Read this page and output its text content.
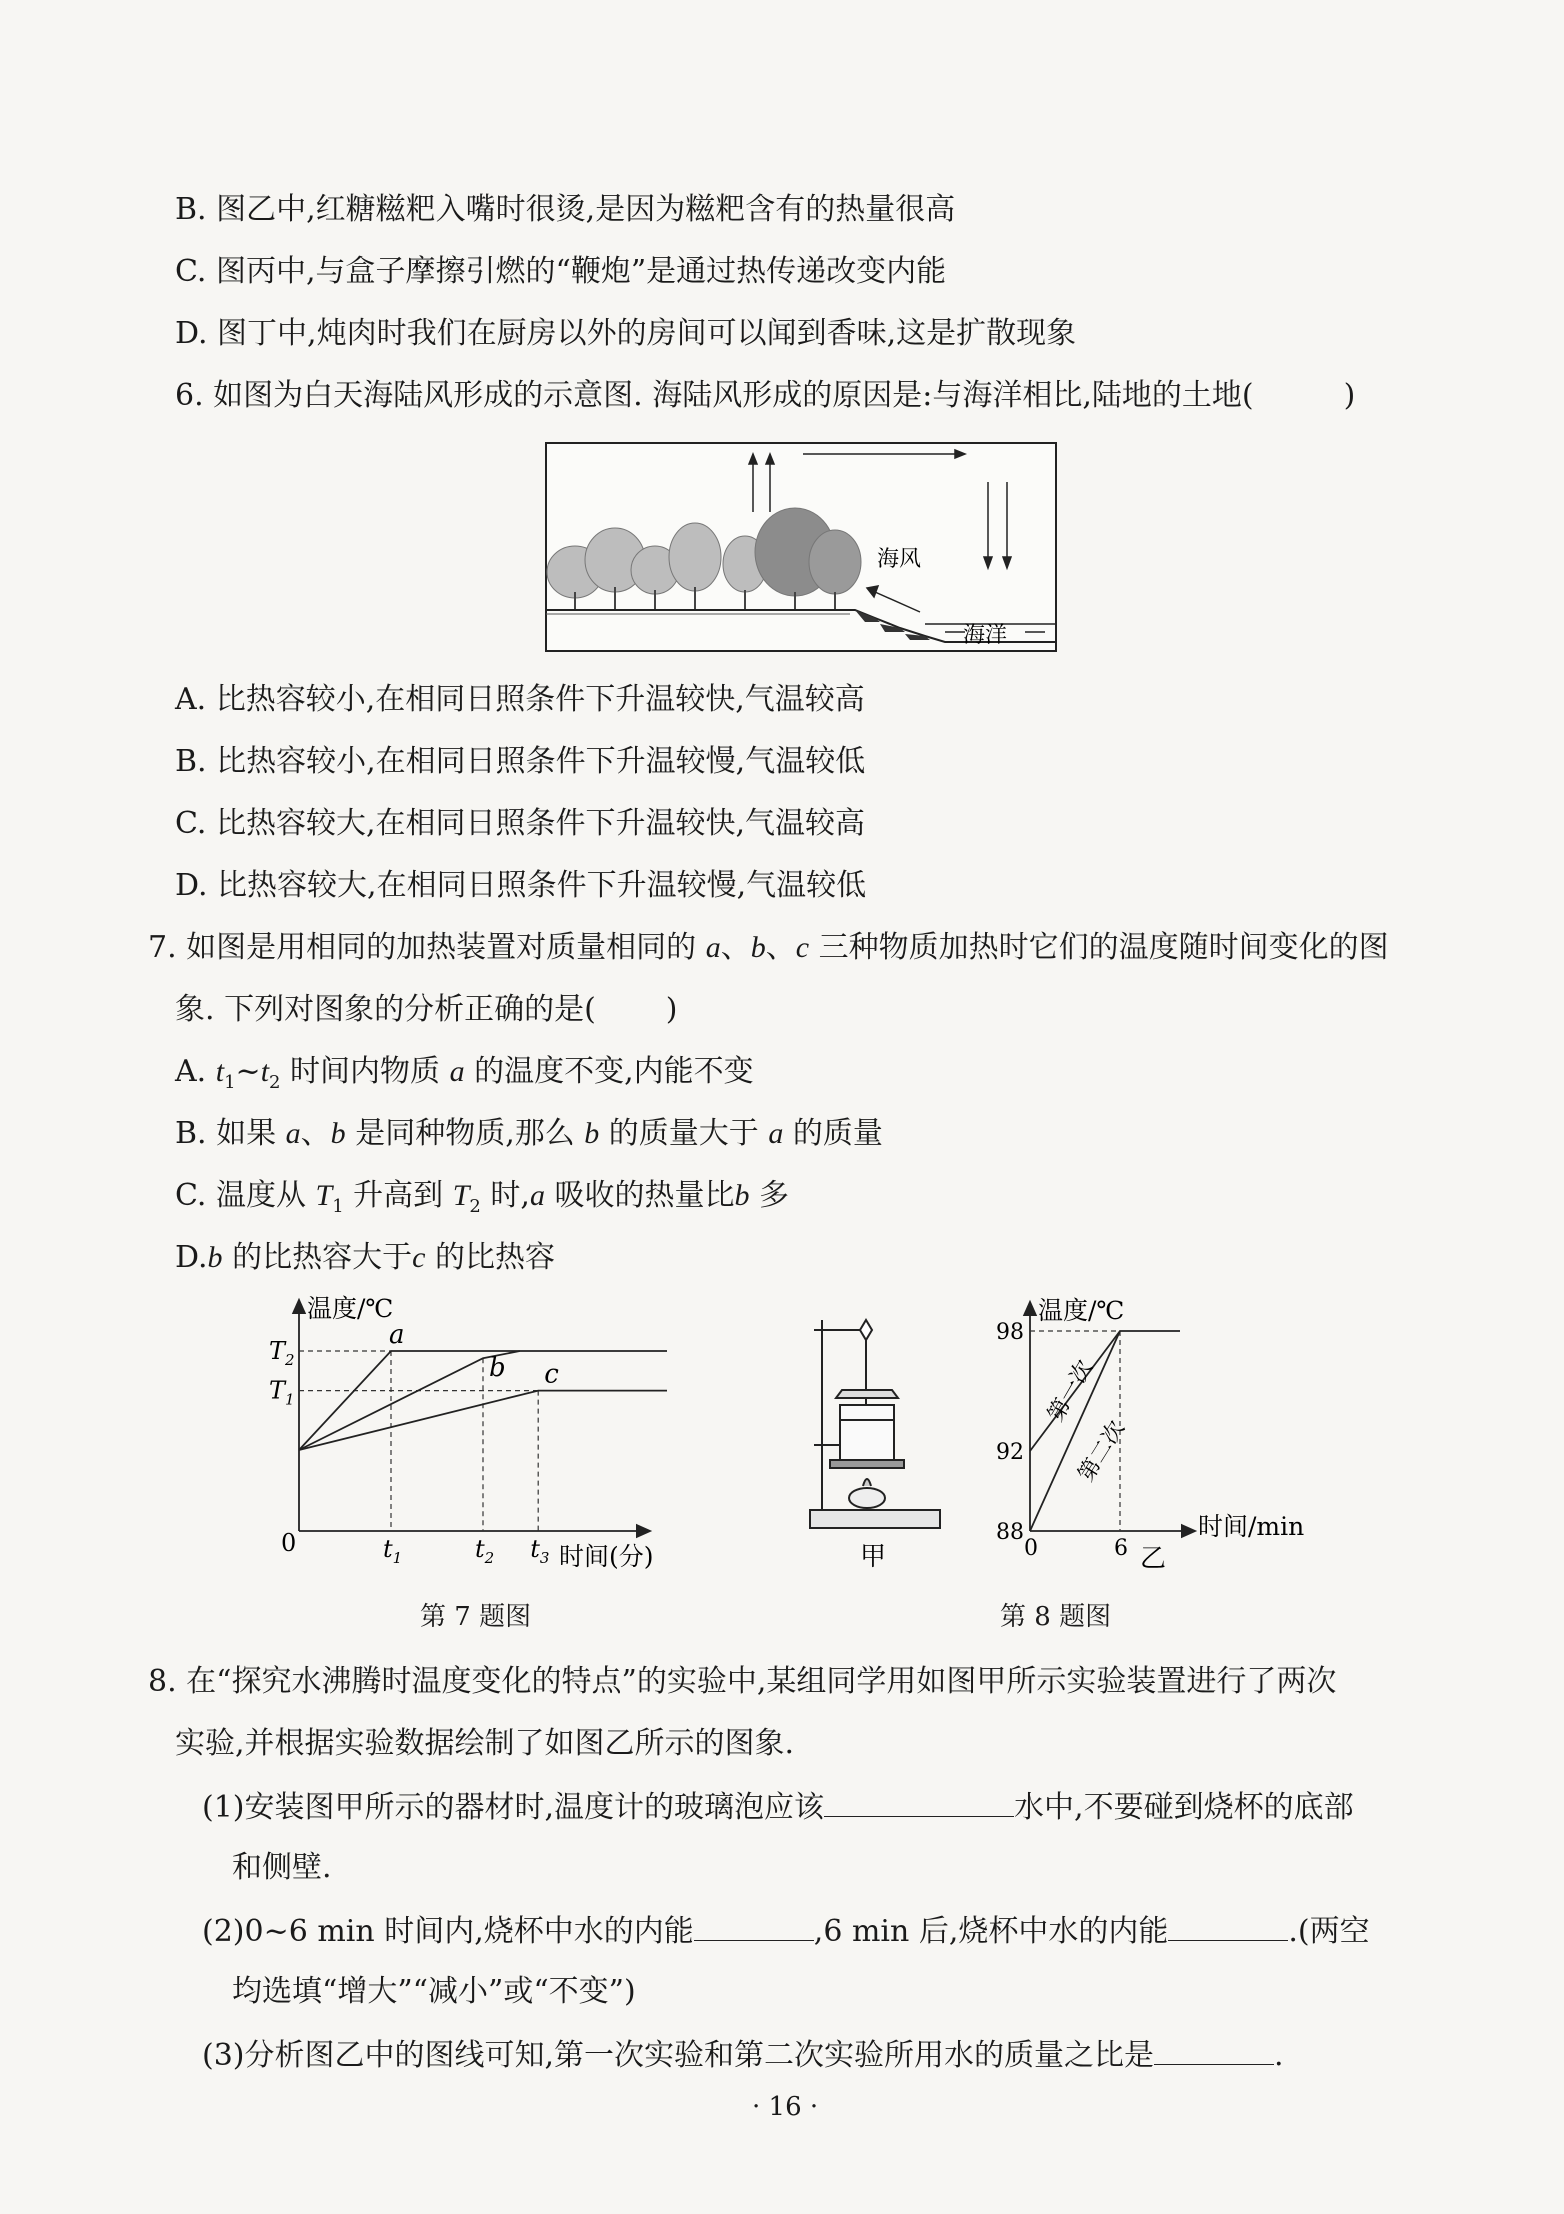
B. 图乙中,红糖糍粑入嘴时很烫,是因为糍粑含有的热量很高
C. 图丙中,与盒子摩擦引燃的“鞭炮”是通过热传递改变内能
D. 图丁中,炖肉时我们在厨房以外的房间可以闻到香味,这是扩散现象
6. 如图为白天海陆风形成的示意图. 海陆风形成的原因是:与海洋相比,陆地的土地(	)
海洋
海风
A. 比热容较小,在相同日照条件下升温较快,气温较高
B. 比热容较小,在相同日照条件下升温较慢,气温较低
C. 比热容较大,在相同日照条件下升温较快,气温较高
D. 比热容较大,在相同日照条件下升温较慢,气温较低
7. 如图是用相同的加热装置对质量相同的 a、b、c 三种物质加热时它们的温度随时间变化的图
象. 下列对图象的分析正确的是( )
A. $t_1\sim t_2$ 时间内物质 a 的温度不变,内能不变
B. 如果 a、b 是同种物质,那么 b 的质量大于 a 的质量
C. 温度从 $T_1$ 升高到 $T_2$ 时,a 吸收的热量比b 多
D.b 的比热容大于c 的比热容
a
b c
$T_2$
$T_1$
$t_1$	$t_2$ $t_3$
温度/℃
时间(分)
0	甲
88
92
98
0	6
第一次
第二次
温度/℃
时间/min
乙
第 7 题图	第 8 题图
8. 在“探究水沸腾时温度变化的特点”的实验中,某组同学用如图甲所示实验装置进行了两次
实验,并根据实验数据绘制了如图乙所示的图象.
(1)安装图甲所示的器材时,温度计的玻璃泡应该	水中,不要碰到烧杯的底部
和侧壁.
(2)0~6 min 时间内,烧杯中水的内能	,6 min 后,烧杯中水的内能	.(两空
均选填“增大”“减小”或“不变”)
(3)分析图乙中的图线可知,第一次实验和第二次实验所用水的质量之比是	.
· 16 ·
